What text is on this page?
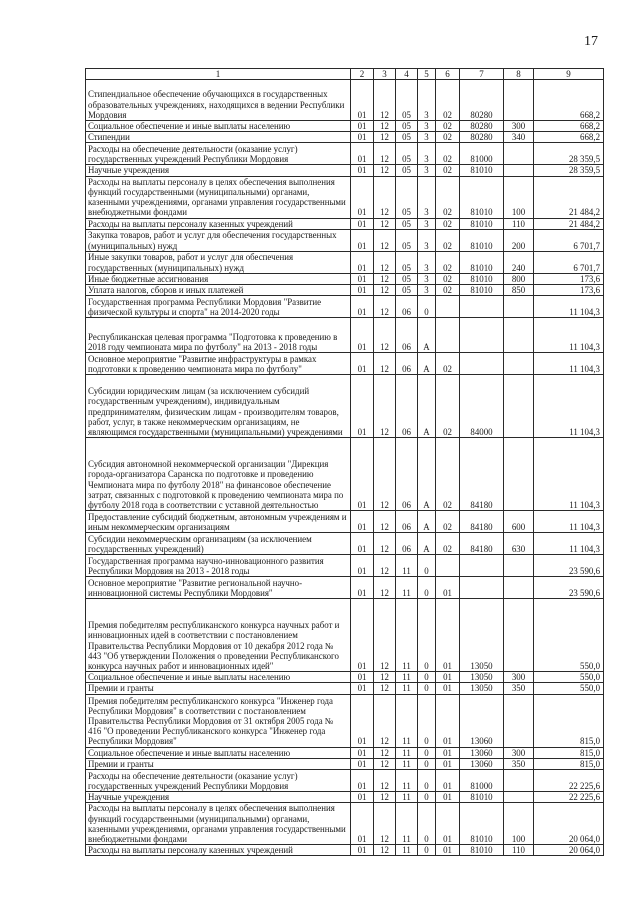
17
1	2	3	4	5	6	7	8	9
Стипендиальное обеспечение обучающихся в государственных образовательных учреждениях, находящихся в ведении Республики Мордовия	01	12	05	3	02	80280		668,2
Социальное обеспечение и иные выплаты населению	01	12	05	3	02	80280	300	668,2
Стипендии	01	12	05	3	02	80280	340	668,2
Расходы на обеспечение деятельности (оказание услуг) государственных учреждений Республики Мордовия	01	12	05	3	02	81000		28 359,5
Научные учреждения	01	12	05	3	02	81010		28 359,5
Расходы на выплаты персоналу в целях обеспечения выполнения функций государственными (муниципальными) органами, казенными учреждениями, органами управления государственными внебюджетными фондами	01	12	05	3	02	81010	100	21 484,2
Расходы на выплаты персоналу казенных учреждений	01	12	05	3	02	81010	110	21 484,2
Закупка товаров, работ и услуг для обеспечения государственных (муниципальных) нужд	01	12	05	3	02	81010	200	6 701,7
Иные закупки товаров, работ и услуг для обеспечения государственных (муниципальных) нужд	01	12	05	3	02	81010	240	6 701,7
Иные бюджетные ассигнования	01	12	05	3	02	81010	800	173,6
Уплата налогов, сборов и иных платежей	01	12	05	3	02	81010	850	173,6
Государственная программа Республики Мордовия "Развитие физической культуры и спорта" на 2014-2020 годы	01	12	06	0				11 104,3
Республиканская целевая программа "Подготовка к проведению в 2018 году чемпионата мира по футболу" на 2013 - 2018 годы	01	12	06	А				11 104,3
Основное мероприятие "Развитие инфраструктуры в рамках подготовки к проведению чемпионата мира по футболу"	01	12	06	А	02			11 104,3
Субсидии юридическим лицам (за исключением субсидий государственным учреждениям), индивидуальным предпринимателям, физическим лицам - производителям товаров, работ, услуг, в также некоммерческим организациям, не являющимся государственными (муниципальными) учреждениями	01	12	06	А	02	84000		11 104,3
Субсидия автономной некоммерческой организации "Дирекция города-организатора Саранска по подготовке и проведению Чемпионата мира по футболу 2018" на финансовое обеспечение затрат, связанных с подготовкой к проведению чемпионата мира по футболу 2018 года в соответствии с уставной деятельностью	01	12	06	А	02	84180		11 104,3
Предоставление субсидий бюджетным, автономным учреждениям и иным некоммерческим организациям	01	12	06	А	02	84180	600	11 104,3
Субсидии некоммерческим организациям (за исключением государственных учреждений)	01	12	06	А	02	84180	630	11 104,3
Государственная программа научно-инновационного развития Республики Мордовия на 2013 - 2018 годы	01	12	11	0				23 590,6
Основное мероприятие "Развитие региональной научно-инновационной системы Республики Мордовия"	01	12	11	0	01			23 590,6
Премия победителям республиканского конкурса научных работ и инновационных идей в соответствии с постановлением Правительства Республики Мордовия от 10 декабря 2012 года № 443 "Об утверждении Положения о проведении Республиканского конкурса научных работ и инновационных идей"	01	12	11	0	01	13050		550,0
Социальное обеспечение и иные выплаты населению	01	12	11	0	01	13050	300	550,0
Премии и гранты	01	12	11	0	01	13050	350	550,0
Премия победителям республиканского конкурса "Инженер года Республики Мордовия" в соответствии с постановлением Правительства Республики Мордовия от 31 октября 2005 года № 416 "О проведении Республиканского конкурса "Инженер года Республики Мордовия"	01	12	11	0	01	13060		815,0
Социальное обеспечение и иные выплаты населению	01	12	11	0	01	13060	300	815,0
Премии и гранты	01	12	11	0	01	13060	350	815,0
Расходы на обеспечение деятельности (оказание услуг) государственных учреждений Республики Мордовия	01	12	11	0	01	81000		22 225,6
Научные учреждения	01	12	11	0	01	81010		22 225,6
Расходы на выплаты персоналу в целях обеспечения выполнения функций государственными (муниципальными) органами, казенными учреждениями, органами управления государственными внебюджетными фондами	01	12	11	0	01	81010	100	20 064,0
Расходы на выплаты персоналу казенных учреждений	01	12	11	0	01	81010	110	20 064,0
